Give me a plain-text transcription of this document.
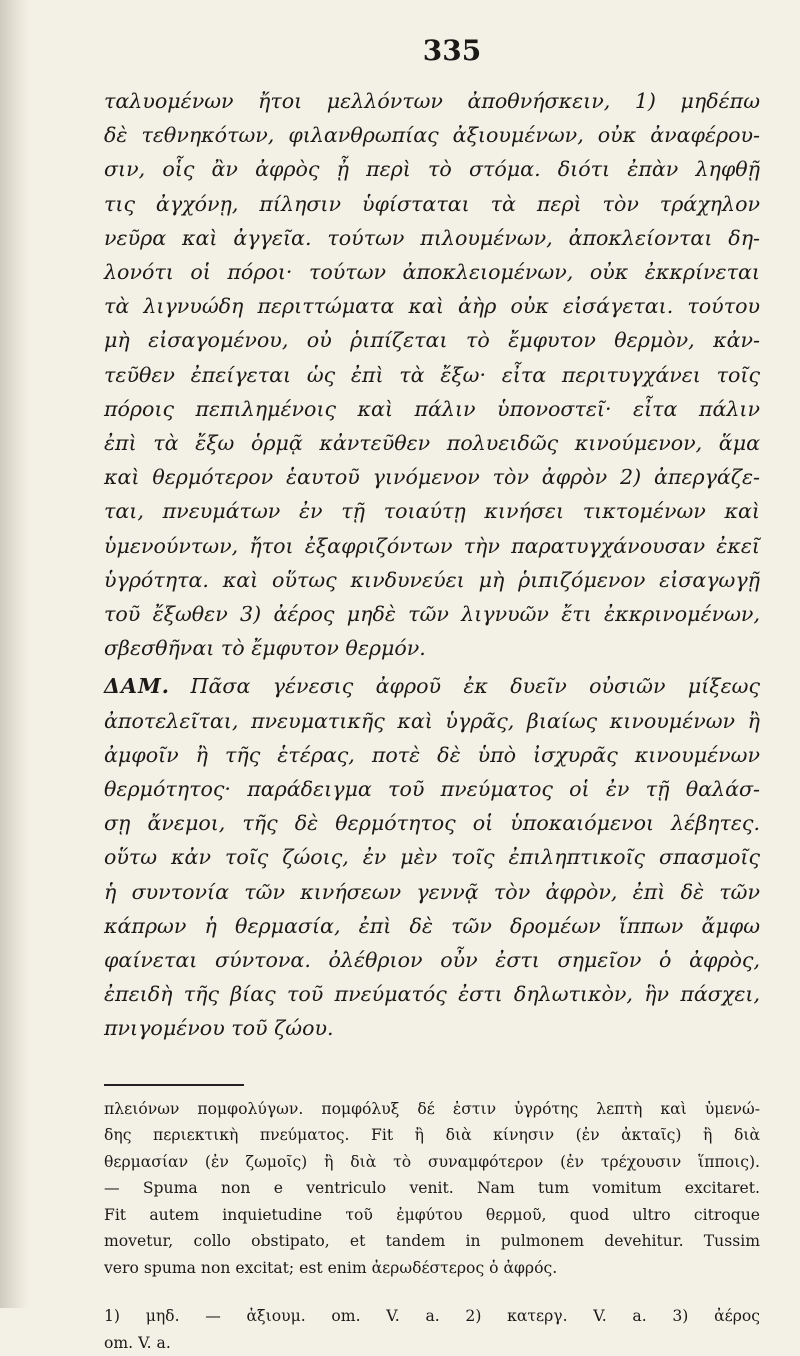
335
ταλυομένων ἤτοι μελλόντων ἀποθνήσκειν, 1) μηδέπω
δὲ τεθνηκότων, φιλανθρωπίας ἀξιουμένων, οὐκ ἀναφέρου-
σιν, οἷς ἂν ἀφρὸς ᾖ περὶ τὸ στόμα. διότι ἐπὰν ληφθῇ
τις ἀγχόνῃ, πίλησιν ὑφίσταται τὰ περὶ τὸν τράχηλον
νεῦρα καὶ ἀγγεῖα. τούτων πιλουμένων, ἀποκλείονται δη-
λονότι οἱ πόροι· τούτων ἀποκλειομένων, οὐκ ἐκκρίνεται
τὰ λιγνυώδη περιττώματα καὶ ἀὴρ οὐκ εἰσάγεται. τούτου
μὴ εἰσαγομένου, οὐ ῥιπίζεται τὸ ἔμφυτον θερμὸν, κἀν-
τεῦθεν ἐπείγεται ὡς ἐπὶ τὰ ἔξω· εἶτα περιτυγχάνει τοῖς
πόροις πεπιλημένοις καὶ πάλιν ὑπονοστεῖ· εἶτα πάλιν
ἐπὶ τὰ ἔξω ὁρμᾷ κἀντεῦθεν πολυειδῶς κινούμενον, ἅμα
καὶ θερμότερον ἑαυτοῦ γινόμενον τὸν ἀφρὸν 2) ἀπεργάζε-
ται, πνευμάτων ἐν τῇ τοιαύτῃ κινήσει τικτομένων καὶ
ὑμενούντων, ἤτοι ἐξαφριζόντων τὴν παρατυγχάνουσαν ἐκεῖ
ὑγρότητα. καὶ οὕτως κινδυνεύει μὴ ῥιπιζόμενον εἰσαγωγῇ
τοῦ ἔξωθεν 3) ἀέρος μηδὲ τῶν λιγνυῶν ἔτι ἐκκρινομένων,
σβεσθῆναι τὸ ἔμφυτον θερμόν.
ΔΑΜ.  Πᾶσα γένεσις ἀφροῦ ἐκ δυεῖν οὐσιῶν μίξεως
ἀποτελεῖται, πνευματικῆς καὶ ὑγρᾶς, βιαίως κινουμένων ἢ
ἀμφοῖν ἢ τῆς ἑτέρας, ποτὲ δὲ ὑπὸ ἰσχυρᾶς κινουμένων
θερμότητος· παράδειγμα τοῦ πνεύματος οἱ ἐν τῇ θαλάσ-
σῃ ἄνεμοι, τῆς δὲ θερμότητος οἱ ὑποκαιόμενοι λέβητες.
οὕτω κἀν τοῖς ζώοις, ἐν μὲν τοῖς ἐπιληπτικοῖς σπασμοῖς
ἡ συντονία τῶν κινήσεων γεννᾷ τὸν ἀφρὸν, ἐπὶ δὲ τῶν
κάπρων ἡ θερμασία, ἐπὶ δὲ τῶν δρομέων ἵππων ἄμφω
φαίνεται σύντονα. ὀλέθριον οὖν ἐστι σημεῖον ὁ ἀφρὸς,
ἐπειδὴ τῆς βίας τοῦ πνεύματός ἐστι δηλωτικὸν, ἣν πάσχει,
πνιγομένου τοῦ ζώου.
πλειόνων πομφολύγων. πομφόλυξ δέ ἐστιν ὑγρότης λεπτὴ καὶ ὑμενώ-
δης περιεκτικὴ πνεύματος. Fit ἢ διὰ κίνησιν (ἐν ἀκταῖς) ἢ διὰ
θερμασίαν (ἐν ζωμοῖς) ἢ διὰ τὸ συναμφότερον (ἐν τρέχουσιν ἵπποις).
— Spuma non e ventriculo venit. Nam tum vomitum excitaret.
Fit autem inquietudine τοῦ ἐμφύτου θερμοῦ, quod ultro citroque
movetur, collo obstipato, et tandem in pulmonem devehitur. Tussim
vero spuma non excitat; est enim ἀερωδέστερος ὁ ἀφρός.
1) μηδ. — ἀξιουμ. om. V. a. 2) κατεργ. V. a. 3) ἀέρος
om. V. a.
